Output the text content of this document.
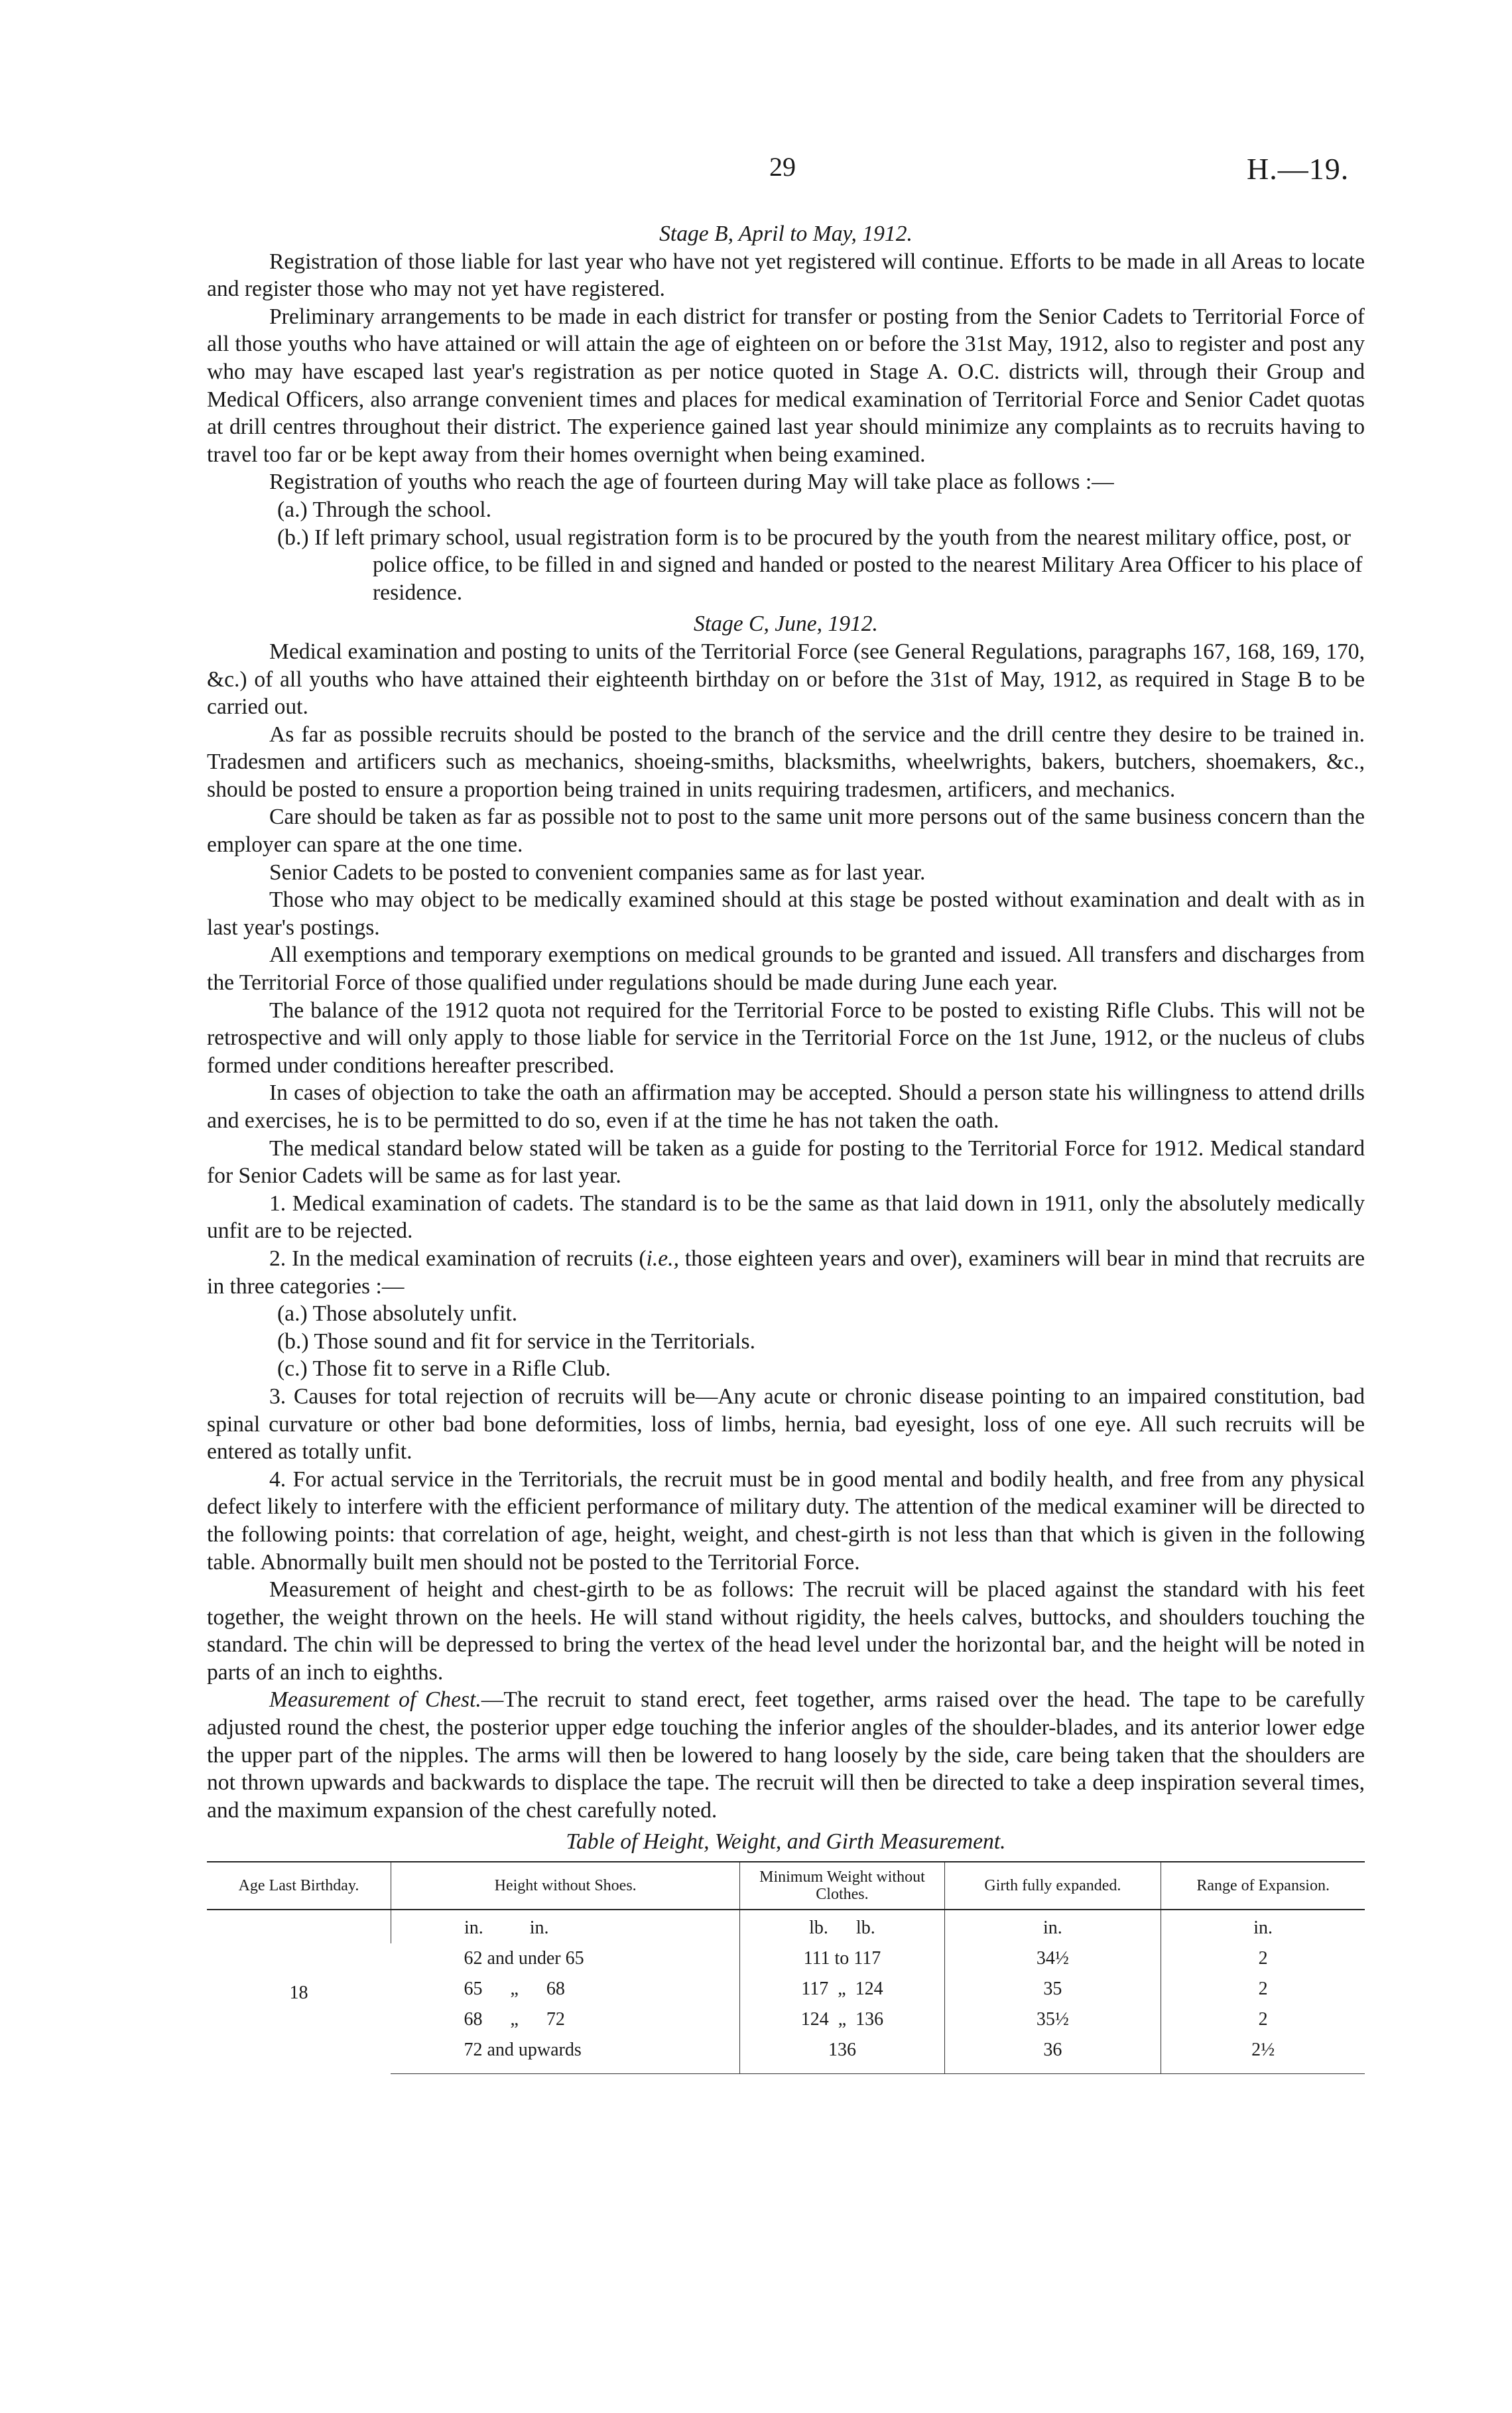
29	H.—19.
Stage B, April to May, 1912.
Registration of those liable for last year who have not yet registered will continue. Efforts to be made in all Areas to locate and register those who may not yet have registered.
Preliminary arrangements to be made in each district for transfer or posting from the Senior Cadets to Territorial Force of all those youths who have attained or will attain the age of eighteen on or before the 31st May, 1912, also to register and post any who may have escaped last year's registration as per notice quoted in Stage A. O.C. districts will, through their Group and Medical Officers, also arrange convenient times and places for medical examination of Territorial Force and Senior Cadet quotas at drill centres throughout their district. The experience gained last year should minimize any complaints as to recruits having to travel too far or be kept away from their homes overnight when being examined.
Registration of youths who reach the age of fourteen during May will take place as follows :—
(a.) Through the school.
(b.) If left primary school, usual registration form is to be procured by the youth from the nearest military office, post, or police office, to be filled in and signed and handed or posted to the nearest Military Area Officer to his place of residence.
Stage C, June, 1912.
Medical examination and posting to units of the Territorial Force (see General Regulations, paragraphs 167, 168, 169, 170, &c.) of all youths who have attained their eighteenth birthday on or before the 31st of May, 1912, as required in Stage B to be carried out.
As far as possible recruits should be posted to the branch of the service and the drill centre they desire to be trained in. Tradesmen and artificers such as mechanics, shoeing-smiths, blacksmiths, wheelwrights, bakers, butchers, shoemakers, &c., should be posted to ensure a proportion being trained in units requiring tradesmen, artificers, and mechanics.
Care should be taken as far as possible not to post to the same unit more persons out of the same business concern than the employer can spare at the one time.
Senior Cadets to be posted to convenient companies same as for last year.
Those who may object to be medically examined should at this stage be posted without examination and dealt with as in last year's postings.
All exemptions and temporary exemptions on medical grounds to be granted and issued. All transfers and discharges from the Territorial Force of those qualified under regulations should be made during June each year.
The balance of the 1912 quota not required for the Territorial Force to be posted to existing Rifle Clubs. This will not be retrospective and will only apply to those liable for service in the Territorial Force on the 1st June, 1912, or the nucleus of clubs formed under conditions hereafter prescribed.
In cases of objection to take the oath an affirmation may be accepted. Should a person state his willingness to attend drills and exercises, he is to be permitted to do so, even if at the time he has not taken the oath.
The medical standard below stated will be taken as a guide for posting to the Territorial Force for 1912. Medical standard for Senior Cadets will be same as for last year.
1. Medical examination of cadets. The standard is to be the same as that laid down in 1911, only the absolutely medically unfit are to be rejected.
2. In the medical examination of recruits (i.e., those eighteen years and over), examiners will bear in mind that recruits are in three categories :—
(a.) Those absolutely unfit.
(b.) Those sound and fit for service in the Territorials.
(c.) Those fit to serve in a Rifle Club.
3. Causes for total rejection of recruits will be—Any acute or chronic disease pointing to an impaired constitution, bad spinal curvature or other bad bone deformities, loss of limbs, hernia, bad eyesight, loss of one eye. All such recruits will be entered as totally unfit.
4. For actual service in the Territorials, the recruit must be in good mental and bodily health, and free from any physical defect likely to interfere with the efficient performance of military duty. The attention of the medical examiner will be directed to the following points: that correlation of age, height, weight, and chest-girth is not less than that which is given in the following table. Abnormally built men should not be posted to the Territorial Force.
Measurement of height and chest-girth to be as follows: The recruit will be placed against the standard with his feet together, the weight thrown on the heels. He will stand without rigidity, the heels calves, buttocks, and shoulders touching the standard. The chin will be depressed to bring the vertex of the head level under the horizontal bar, and the height will be noted in parts of an inch to eighths.
Measurement of Chest.—The recruit to stand erect, feet together, arms raised over the head. The tape to be carefully adjusted round the chest, the posterior upper edge touching the inferior angles of the shoulder-blades, and its anterior lower edge the upper part of the nipples. The arms will then be lowered to hang loosely by the side, care being taken that the shoulders are not thrown upwards and backwards to displace the tape. The recruit will then be directed to take a deep inspiration several times, and the maximum expansion of the chest carefully noted.
Table of Height, Weight, and Girth Measurement.
Age Last Birthday.	Height without Shoes.	Minimum Weight without Clothes.	Girth fully expanded.	Range of Expansion.
18	in.          in.	lb.      lb.	in.	in.
	62 and under 65	111 to 117	34½	2
	65      „      68	117  „  124	35	2
	68      „      72	124  „  136	35½	2
	72 and upwards	136	36	2½
